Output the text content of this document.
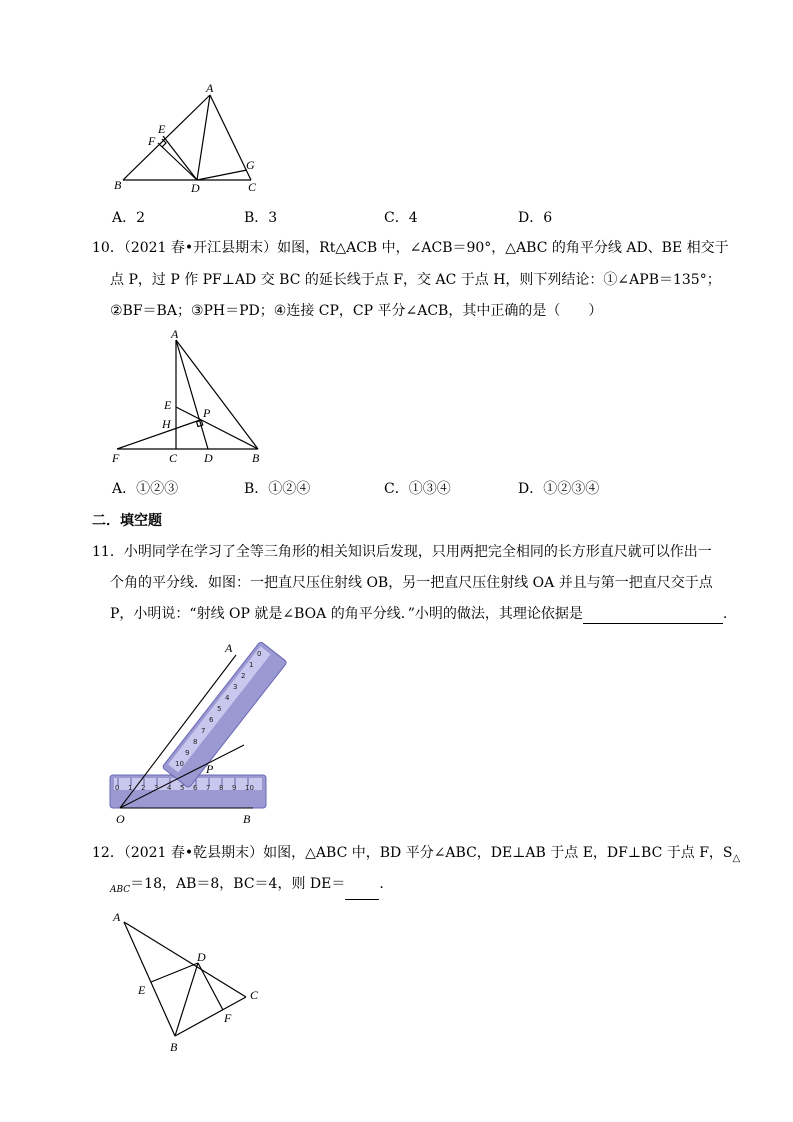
A
E
F
G
B	D	C
A．2	B．3	C．4	D．6
10．（2021 春•开江县期末）如图，Rt△ACB 中，∠ACB＝90°，△ABC 的角平分线 AD、BE 相交于
点 P，过 P 作 PF⊥AD 交 BC 的延长线于点 F，交 AC 于点 H，则下列结论：①∠APB＝135°；
②BF＝BA；③PH＝PD；④连接 CP，CP 平分∠ACB，其中正确的是（　　）
A
E
P
H
F	C D	B
A．①②③	B．①②④	C．①③④	D．①②③④
二．填空题
11．小明同学在学习了全等三角形的相关知识后发现，只用两把完全相同的长方形直尺就可以作出一
个角的平分线．如图：一把直尺压住射线 OB，另一把直尺压住射线 OA 并且与第一把直尺交于点
P，小明说：“射线 OP 就是∠BOA 的角平分线．”小明的做法，其理论依据是	.
A
P
O	B
0 1 2 3 4 5 6 7 8 9 10
0
1
2
3
4
5
6
7
8
9
10
12．（2021 春•乾县期末）如图，△ABC 中，BD 平分∠ABC，DE⊥AB 于点 E，DF⊥BC 于点 F，$S_\triangle$
$_{ABC}$＝18，AB＝8，BC＝4，则 DE＝ .
A
D
E	C
F
B
